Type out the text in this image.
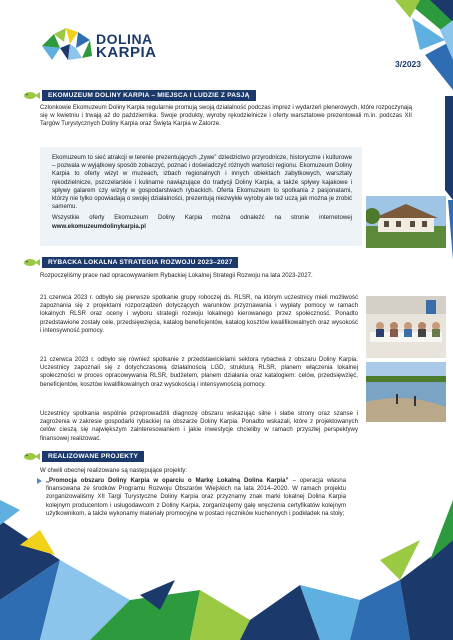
DOLINA
KARPIA
3/2023
EKOMUZEUM DOLINY KARPIA – MIEJSCA I LUDZIE Z PASJĄ
Członkowie Ekomuzeum Doliny Karpia regularnie promują swoją działalność podczas imprez i wydarzeń plenerowych, które rozpoczynają się w kwietniu i trwają aż do października. Swoje produkty, wyroby rękodzielnicze i oferty warsztatowe prezentowali m.in. podczas XII Targów Turystycznych Doliny Karpia oraz Święta Karpia w Zatorze.

Ekomuzeum to sieć atrakcji w terenie prezentujących „żywe” dziedzictwo przyrodnicze, historyczne i kulturowe – pozwala w wyjątkowy sposób zobaczyć, poznać i doświadczyć różnych wartości regionu. Ekomuzeum Doliny Karpia to oferty wizyt w muzeach, izbach regionalnych i innych obiektach zabytkowych, warsztaty rękodzielnicze, pszczelarskie i kulinarne nawiązujące do tradycji Doliny Karpia, a także spływy kajakowe i spływy galarem czy wizyty w gospodarstwach rybackich. Oferta Ekomuzeum to spotkania z pasjonatami, którzy nie tylko opowiadają o swojej działalności, prezentują niezwykłe wyroby ale też uczą jak można je zrobić samemu.

Wszystkie oferty Ekomuzeum Doliny Karpia można odnaleźć na stronie internetowej www.ekomuzeumdolinykarpia.pl

RYBACKA LOKALNA STRATEGIA ROZWOJU 2023–2027
Rozpoczęliśmy prace nad opracowywaniem Rybackiej Lokalnej Strategii Rozwoju na lata 2023-2027.
21 czerwca 2023 r. odbyło się pierwsze spotkanie grupy roboczej ds. RLSR, na którym uczestnicy mieli możliwość zapoznania się z projektami rozporządzeń dotyczących warunków przyznawania i wypłaty pomocy w ramach lokalnych RLSR oraz oceny i wyboru strategii rozwoju lokalnego kierowanego przez społeczność. Ponadto przedstawione zostały cele, przedsięwzięcia, katalog beneficjentów, katalog kosztów kwalifikowalnych oraz wysokość i intensywność pomocy.
21 czerwca 2023 r. odbyło się również spotkanie z przedstawicielami sektora rybactwa z obszaru Doliny Karpia. Uczestnicy zapoznali się z dotychczasową działalnością LGD, strukturą RLSR, planem włączenia lokalnej społeczności w proces opracowywania RLSR, budżetem, planem działania oraz katalogiem: celów, przedsięwzięć, beneficjentów, kosztów kwalifikowalnych oraz wysokością i intensywnością pomocy.
Uczestnicy spotkania wspólnie przeprowadzili diagnozę obszaru wskazując silne i słabe strony oraz szanse i zagrożenia w zakresie gospodarki rybackiej na obszarze Doliny Karpia. Ponadto wskazali, które z projektowanych celów cieszą się największym zainteresowaniem i jakie inwestycje chcieliby w ramach przyszłej perspektywy finansowej realizować.
REALIZOWANE PROJEKTY
W chwili obecnej realizowane są następujące projekty:
„Promocja obszaru Doliny Karpia w oparciu o Markę Lokalną Dolina Karpia” – operacja własna finansowana ze środków Programu Rozwoju Obszarów Wiejskich na lata 2014–2020. W ramach projektu zorganizowaliśmy XII Targi Turystyczne Doliny Karpia oraz przyznamy znak marki lokalnej Dolina Karpia kolejnym producentom i usługodawcom z Doliny Karpia, zorganizujemy galę wręczenia certyfikatów kolejnym użytkownikom, a także wykonamy materiały promocyjne w postaci ręczników kuchennych i podkładek na stoły;
